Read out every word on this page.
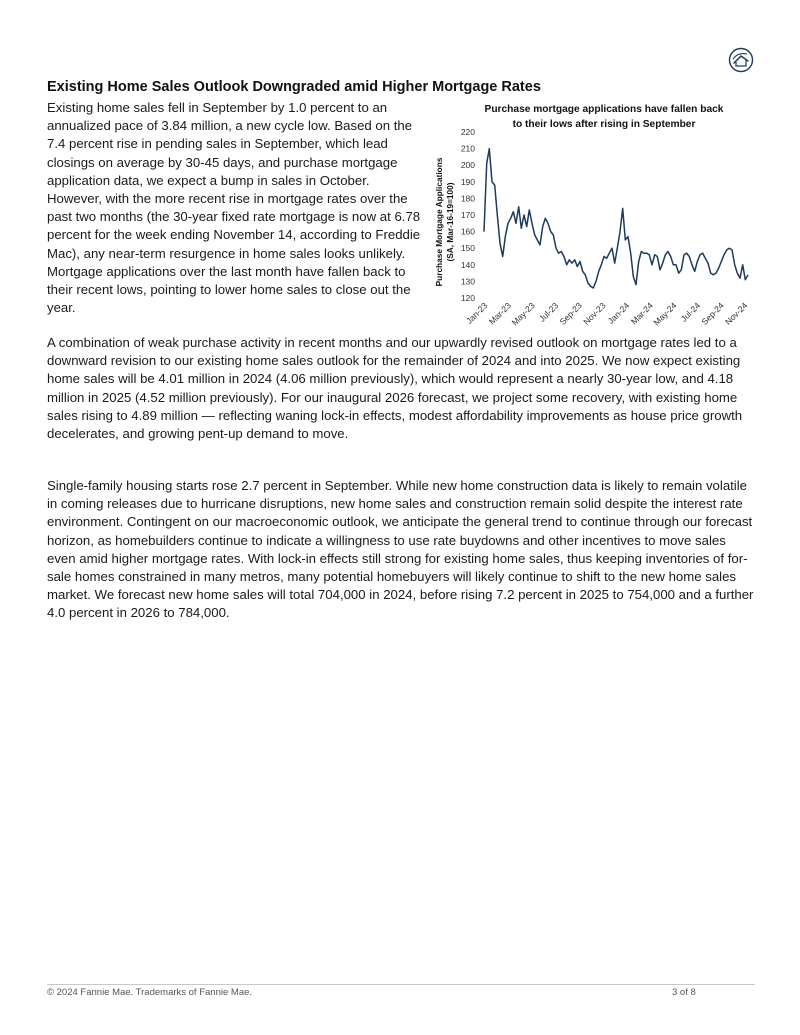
Existing Home Sales Outlook Downgraded amid Higher Mortgage Rates

Existing home sales fell in September by 1.0 percent to an annualized pace of 3.84 million, a new cycle low. Based on the 7.4 percent rise in pending sales in September, which lead closings on average by 30-45 days, and purchase mortgage application data, we expect a bump in sales in October. However, with the more recent rise in mortgage rates over the past two months (the 30-year fixed rate mortgage is now at 6.78 percent for the week ending November 14, according to Freddie Mac), any near-term resurgence in home sales looks unlikely. Mortgage applications over the last month have fallen back to their recent lows, pointing to lower home sales to close out the year.

Purchase mortgage applications have fallen back
to their lows after rising in September
Purchase Mortgage Applications (SA, Mar-16-19=100)
120
130
140
150
160
170
180
190
200
210
220
Jan-23
Mar-23
May-23 Jul-23
Sep-23
Nov-23
Jan-24
Mar-24
May-24 Jul-24
Sep-24
Nov-24

A combination of weak purchase activity in recent months and our upwardly revised outlook on mortgage rates led to a downward revision to our existing home sales outlook for the remainder of 2024 and into 2025. We now expect existing home sales will be 4.01 million in 2024 (4.06 million previously), which would represent a nearly 30-year low, and 4.18 million in 2025 (4.52 million previously). For our inaugural 2026 forecast, we project some recovery, with existing home sales rising to 4.89 million — reflecting waning lock-in effects, modest affordability improvements as house price growth decelerates, and growing pent-up demand to move.

Single-family housing starts rose 2.7 percent in September. While new home construction data is likely to remain volatile in coming releases due to hurricane disruptions, new home sales and construction remain solid despite the interest rate environment. Contingent on our macroeconomic outlook, we anticipate the general trend to continue through our forecast horizon, as homebuilders continue to indicate a willingness to use rate buydowns and other incentives to move sales even amid higher mortgage rates. With lock-in effects still strong for existing home sales, thus keeping inventories of for-sale homes constrained in many metros, many potential homebuyers will likely continue to shift to the new home sales market. We forecast new home sales will total 704,000 in 2024, before rising 7.2 percent in 2025 to 754,000 and a further 4.0 percent in 2026 to 784,000.

© 2024 Fannie Mae. Trademarks of Fannie Mae.	3 of 8
